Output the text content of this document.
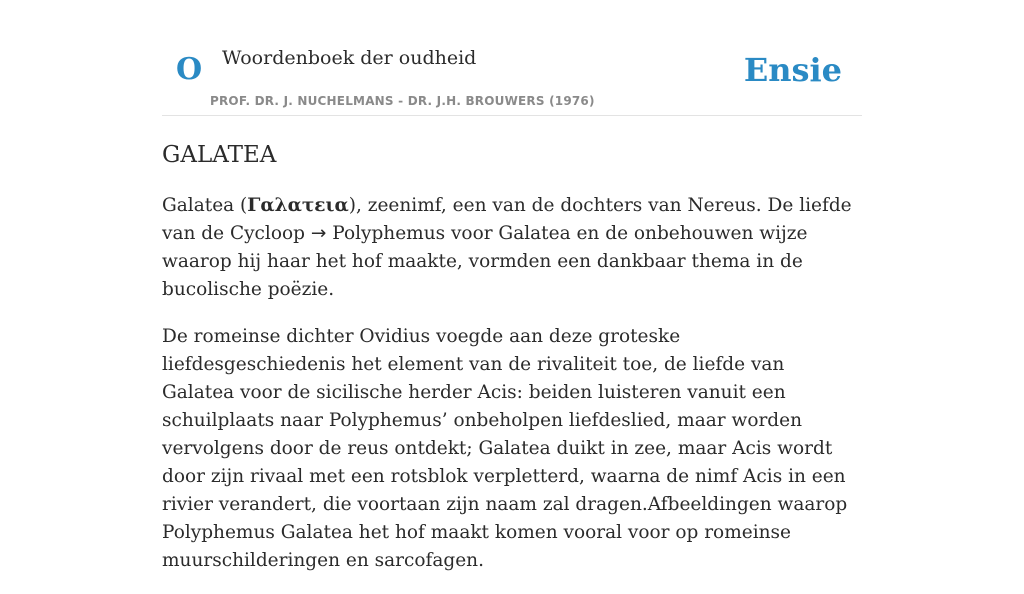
O Woordenboek der oudheid
PROF. DR. J. NUCHELMANS - DR. J.H. BROUWERS (1976)
Ensie
GALATEA

Galatea (Γαλατεια), zeenimf, een van de dochters van Nereus. De liefde van de Cycloop → Polyphemus voor Galatea en de onbehouwen wijze waarop hij haar het hof maakte, vormden een dankbaar thema in de bucolische poëzie.

De romeinse dichter Ovidius voegde aan deze groteske liefdesgeschiedenis het element van de rivaliteit toe, de liefde van Galatea voor de sicilische herder Acis: beiden luisteren vanuit een schuilplaats naar Polyphemus’ onbeholpen liefdeslied, maar worden vervolgens door de reus ontdekt; Galatea duikt in zee, maar Acis wordt door zijn rivaal met een rotsblok verpletterd, waarna de nimf Acis in een rivier verandert, die voortaan zijn naam zal dragen.Afbeeldingen waarop Polyphemus Galatea het hof maakt komen vooral voor op romeinse muurschilderingen en sarcofagen.
